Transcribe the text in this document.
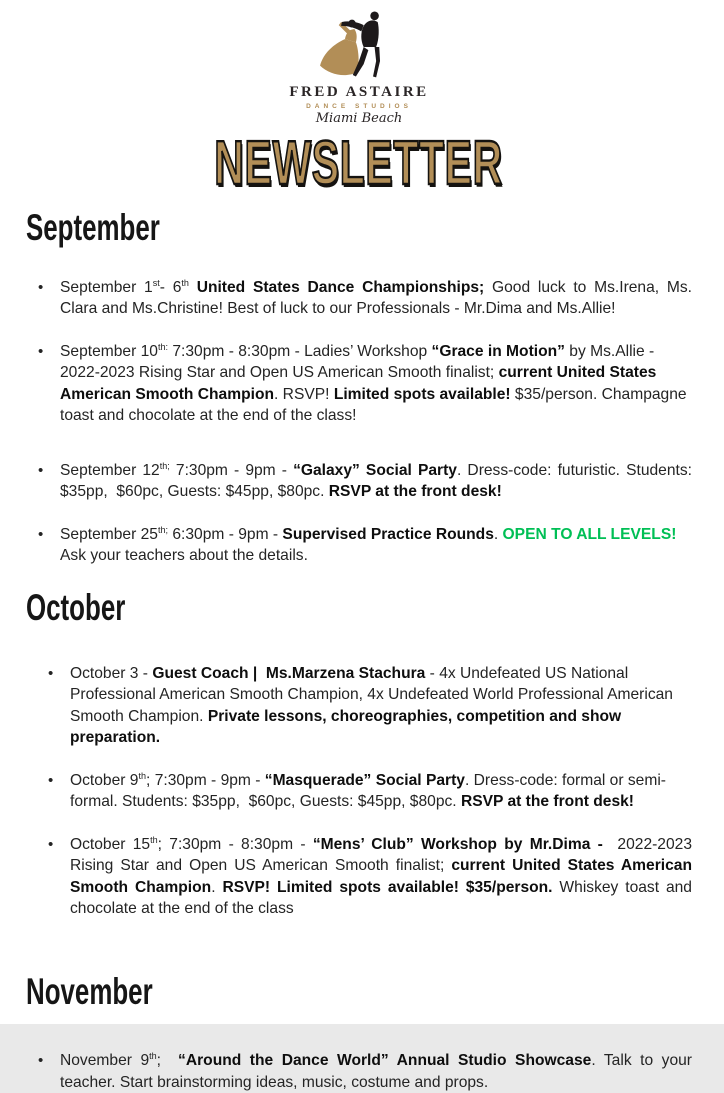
FRED ASTAIRE
DANCE STUDIOS
Miami Beach
NEWSLETTER
September
•	September 1st- 6th United States Dance Championships; Good luck to Ms.Irena, Ms. Clara and Ms.Christine! Best of luck to our Professionals - Mr.Dima and Ms.Allie!

•	September $10^{th:}$ 7:30pm - 8:30pm - Ladies’ Workshop “Grace in Motion” by Ms.Allie - 2022-2023 Rising Star and Open US American Smooth finalist; current United States American Smooth Champion. RSVP! Limited spots available! $35/person. Champagne toast and chocolate at the end of the class!

•	September $12^{th;}$ 7:30pm - 9pm - “Galaxy” Social Party. Dress-code: futuristic. Students: $35pp,  $60pc, Guests: $45pp, $80pc. RSVP at the front desk!

•	September $25^{th;}$ 6:30pm - 9pm - Supervised Practice Rounds. OPEN TO ALL LEVELS! Ask your teachers about the details.

October
•	October 3 - Guest Coach |  Ms.Marzena Stachura - 4x Undefeated US National Professional American Smooth Champion, 4x Undefeated World Professional American Smooth Champion. Private lessons, choreographies, competition and show preparation.

•	October 9th; 7:30pm - 9pm - “Masquerade” Social Party. Dress-code: formal or semi-formal. Students: $35pp,  $60pc, Guests: $45pp, $80pc. RSVP at the front desk!

•	October 15th; 7:30pm - 8:30pm - “Mens’ Club” Workshop by Mr.Dima -  2022-2023 Rising Star and Open US American Smooth finalist; current United States American Smooth Champion. RSVP! Limited spots available! $35/person. Whiskey toast and chocolate at the end of the class

November
•	November 9th;  “Around the Dance World” Annual Studio Showcase. Talk to your teacher. Start brainstorming ideas, music, costume and props.
